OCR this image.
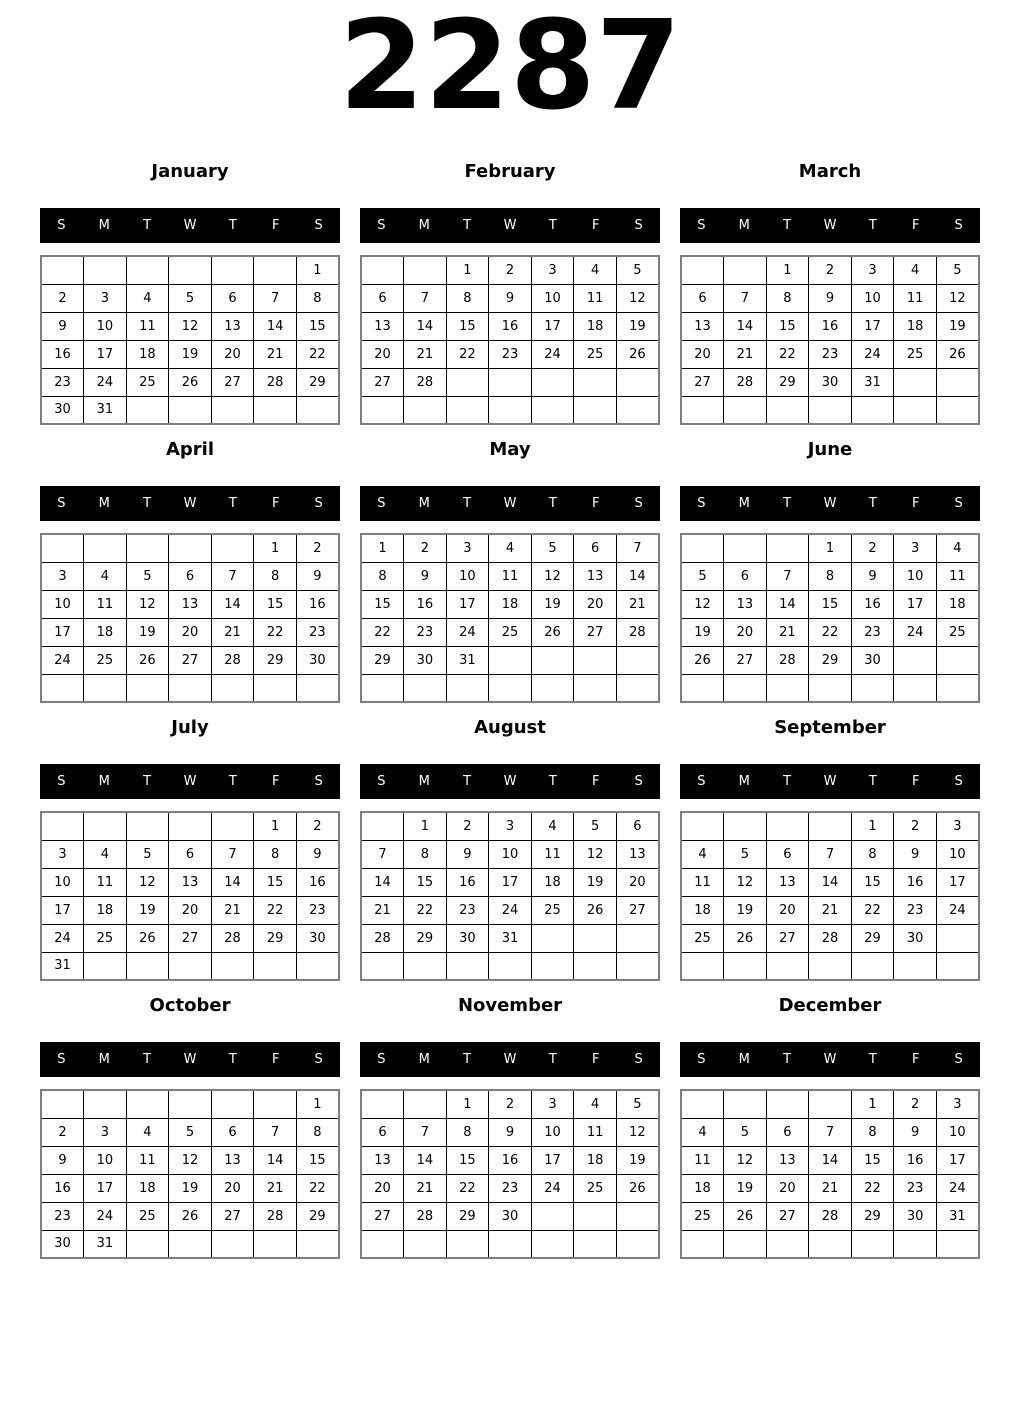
2287
January
S	M	T	W	T	F	S
						1
2	3	4	5	6	7	8
9	10	11	12	13	14	15
16	17	18	19	20	21	22
23	24	25	26	27	28	29
30	31					
February
S	M	T	W	T	F	S
		1	2	3	4	5
6	7	8	9	10	11	12
13	14	15	16	17	18	19
20	21	22	23	24	25	26
27	28					

March
S	M	T	W	T	F	S
		1	2	3	4	5
6	7	8	9	10	11	12
13	14	15	16	17	18	19
20	21	22	23	24	25	26
27	28	29	30	31		

April
S	M	T	W	T	F	S
					1	2
3	4	5	6	7	8	9
10	11	12	13	14	15	16
17	18	19	20	21	22	23
24	25	26	27	28	29	30

May
S	M	T	W	T	F	S
1	2	3	4	5	6	7
8	9	10	11	12	13	14
15	16	17	18	19	20	21
22	23	24	25	26	27	28
29	30	31				

June
S	M	T	W	T	F	S
			1	2	3	4
5	6	7	8	9	10	11
12	13	14	15	16	17	18
19	20	21	22	23	24	25
26	27	28	29	30		

July
S	M	T	W	T	F	S
					1	2
3	4	5	6	7	8	9
10	11	12	13	14	15	16
17	18	19	20	21	22	23
24	25	26	27	28	29	30
31						
August
S	M	T	W	T	F	S
	1	2	3	4	5	6
7	8	9	10	11	12	13
14	15	16	17	18	19	20
21	22	23	24	25	26	27
28	29	30	31			

September
S	M	T	W	T	F	S
				1	2	3
4	5	6	7	8	9	10
11	12	13	14	15	16	17
18	19	20	21	22	23	24
25	26	27	28	29	30	

October
S	M	T	W	T	F	S
						1
2	3	4	5	6	7	8
9	10	11	12	13	14	15
16	17	18	19	20	21	22
23	24	25	26	27	28	29
30	31					
November
S	M	T	W	T	F	S
		1	2	3	4	5
6	7	8	9	10	11	12
13	14	15	16	17	18	19
20	21	22	23	24	25	26
27	28	29	30			

December
S	M	T	W	T	F	S
				1	2	3
4	5	6	7	8	9	10
11	12	13	14	15	16	17
18	19	20	21	22	23	24
25	26	27	28	29	30	31
